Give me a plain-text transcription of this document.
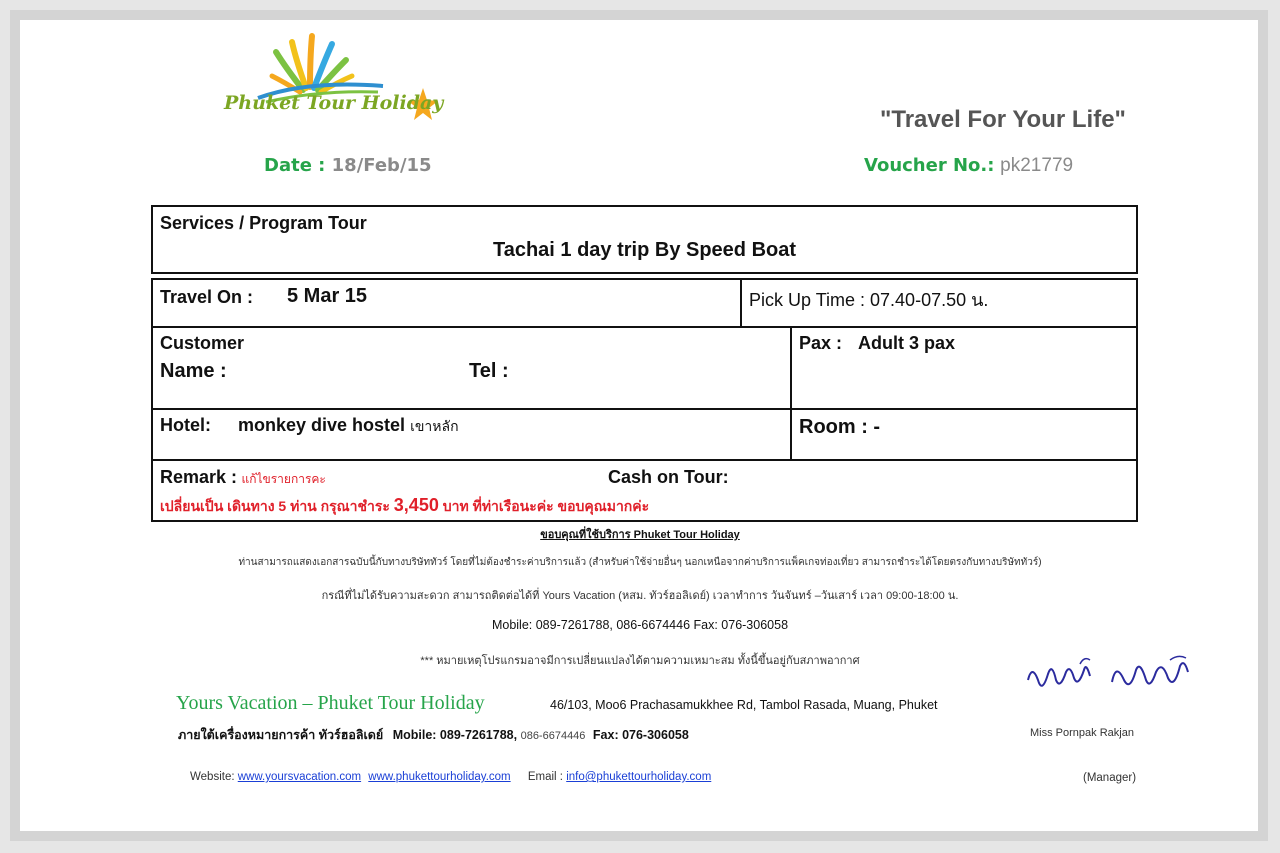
Phuket Tour Holiday
"Travel For Your Life"
Date : 18/Feb/15	Voucher No.: pk21779
Services / Program Tour
Tachai 1 day trip By Speed Boat
Travel On : 5 Mar 15	Pick Up Time : 07.40-07.50 น.
Customer
Name :	Tel :
Pax : Adult 3 pax
Hotel: monkey dive hostel เขาหลัก	Room : -
Remark : แก้ไขรายการคะ	Cash on Tour:
เปลี่ยนเป็น เดินทาง 5 ท่าน กรุณาชำระ 3,450 บาท ที่ท่าเรือนะค่ะ ขอบคุณมากค่ะ
ขอบคุณที่ใช้บริการ Phuket Tour Holiday
ท่านสามารถแสดงเอกสารฉบับนี้กับทางบริษัททัวร์ โดยที่ไม่ต้องชำระค่าบริการแล้ว (สำหรับค่าใช้จ่ายอื่นๆ นอกเหนือจากค่าบริการแพ็คเกจท่องเที่ยว สามารถชำระได้โดยตรงกับทางบริษัททัวร์)
กรณีที่ไม่ได้รับความสะดวก สามารถติดต่อได้ที่ Yours Vacation (หสม. ทัวร์ฮอลิเดย์) เวลาทำการ วันจันทร์ –วันเสาร์ เวลา 09:00-18:00 น.
Mobile: 089-7261788, 086-6674446 Fax: 076-306058
*** หมายเหตุโปรแกรมอาจมีการเปลี่ยนแปลงได้ตามความเหมาะสม ทั้งนี้ขึ้นอยู่กับสภาพอากาศ
Yours Vacation – Phuket Tour Holiday	46/103, Moo6 Prachasamukkhee Rd, Tambol Rasada, Muang, Phuket
ภายใต้เครื่องหมายการค้า ทัวร์ฮอลิเดย์ Mobile: 089-7261788, 086-6674446 Fax: 076-306058
Website: www.yoursvacation.com www.phukettourholiday.com Email : info@phukettourholiday.com
Miss Pornpak Rakjan
(Manager)
